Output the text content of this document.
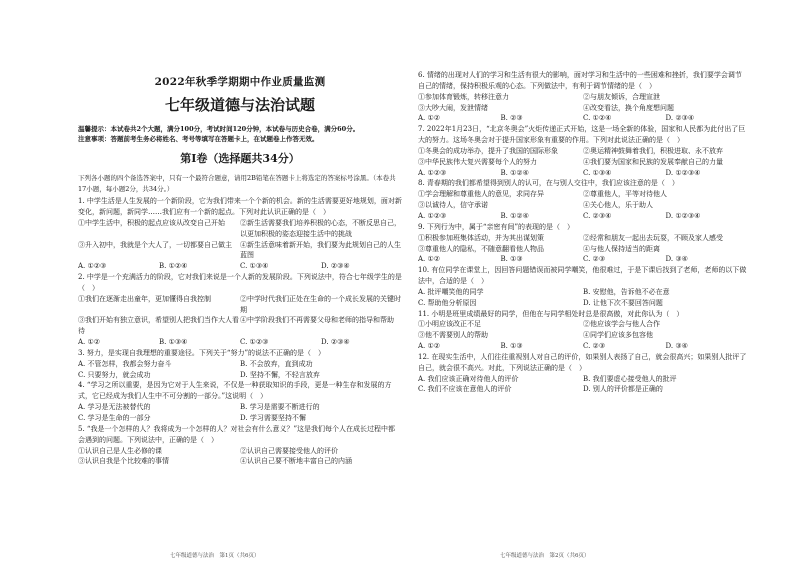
2022年秋季学期期中作业质量监测
七年级道德与法治试题
温馨提示：本试卷共2个大题，满分100分，考试时间120分钟，本试卷与历史合卷，满分60分。
注意事项：答题前考生务必将姓名、考号等填写在答题卡上，在试题卷上作答无效。
第Ⅰ卷（选择题共34分）
下列各小题的四个备选答案中，只有一个最符合题意，请用2B铅笔在答题卡上将选定的答案标号涂黑。（本卷共17小题，每小题2分，共34分。）
1. 中学生活是人生发展的一个新阶段，它为我们带来一个个新的机会。新的生活需要更好地规划，面对新变化，新问题，新同学……我们应有一个新的起点。下列对此认识正确的是（　）
①中学生活中，积极的起点应该从改变自己开始	②新生活需要我们培养积极的心态，不断反思自己，以更加积极的姿态迎接生活中的挑战
③升入初中，我就是个大人了，一切都要自己做主	④新生活意味着新开始，我们要为此规划自己的人生蓝图
A. ①②③	B. ①②④	C. ①③④	D. ②③④
2. 中学是一个充满活力的阶段，它对我们来说是一个人新的发展阶段。下列说法中，符合七年级学生的是（　）
①我们在逐渐走出童年，更加懂得自我控制	②中学时代我们正处在生命的一个成长发展的关键时期
③我们开始有独立意识，希望别人把我们当作大人看待
④中学阶段我们不再需要父母和老师的指导和帮助
A. ①②	B. ①③④	C. ①②③	D. ②③④
3. 努力，是实现自我理想的重要途径。下列关于“努力”的说法不正确的是（　）
A. 不管怎样，我都会努力奋斗	B. 不会放弃，直到成功
C. 只要努力，就会成功	D. 坚持不懈，不轻言放弃
4. “学习之所以重要，是因为它对于人生来说，不仅是一种获取知识的手段，更是一种生存和发展的方式，它已经成为我们人生中不可分割的一部分。”这说明（　）
A. 学习是无法被替代的	B. 学习是需要不断进行的
C. 学习是生命的一部分	D. 学习需要坚持不懈
5. “我是一个怎样的人？我将成为一个怎样的人？对社会有什么意义？”这是我们每个人在成长过程中都会遇到的问题。下列说法中，正确的是（　）
①认识自己是人生必修的课	②认识自己需要接受他人的评价
③认识自我是个比较难的事情	④认识自己要不断地丰富自己的内涵
6. 情绪的出现对人们的学习和生活有很大的影响，面对学习和生活中的一些困难和挫折，我们要学会调节自己的情绪，保持积极乐观的心态。下列做法中，有利于调节情绪的是（　）
①参加体育锻炼，转移注意力	②与朋友倾诉，合理宣泄
③大吵大闹，发泄情绪	④改变看法，换个角度想问题
A. ①②	B. ②③	C. ①②④	D. ②③④
7. 2022年1月23日，“北京冬奥会”火炬传递正式开始，这是一场全新的体验，国家和人民都为此付出了巨大的努力。这场冬奥会对于提升国家形象有重要的作用。下列对此说法正确的是（　）
①冬奥会的成功举办，提升了我国的国际形象	②奥运精神鼓舞着我们，积极进取、永不放弃
③中华民族伟大复兴需要每个人的努力	④我们要为国家和民族的发展奉献自己的力量
A. ①②③	B. ①②④	C. ①③④	D. ①②③④
8. 青春期的我们都希望得到别人的认可，在与别人交往中，我们应该注意的是（　）
①学会理解和尊重他人的意见，求同存异	②尊重他人，平等对待他人
③以诚待人，信守承诺	④关心他人，乐于助人
A. ①②③	B. ①②④	C. ②③④	D. ①②③④
9. 下列行为中，属于“亲密有间”的表现的是（　）
①积极参加班集体活动，并为其出谋划策	②经常和朋友一起出去玩耍，不顾及家人感受
③尊重他人的隐私，不随意翻看他人物品	④与他人保持适当的距离
A. ①②	B. ①③	C. ②③	D. ③④
10. 有位同学在课堂上，因回答问题错误而被同学嘲笑，他很难过，于是下课后找到了老师，老师的以下做法中，合适的是（　）
A. 批评嘲笑他的同学	B. 安慰他，告诉他不必在意
C. 帮助他分析原因	D. 让他下次不要回答问题
11. 小明是班里成绩最好的同学，但他在与同学相处时总是很高傲，对此你认为（　）
①小明应该改正不足	②他应该学会与他人合作
③他不需要别人的帮助	④同学们应该多包容他
A. ①②	B. ①③	C. ②③	D. ③④
12. 在现实生活中，人们往往重视别人对自己的评价，如果别人表扬了自己，就会很高兴；如果别人批评了自己，就会很不高兴。对此，下列说法正确的是（　）
A. 我们应该正确对待他人的评价	B. 我们要虚心接受他人的批评
C. 我们不应该在意他人的评价	D. 别人的评价都是正确的
七年级道德与法治　第1页（共6页）	七年级道德与法治　第2页（共6页）
